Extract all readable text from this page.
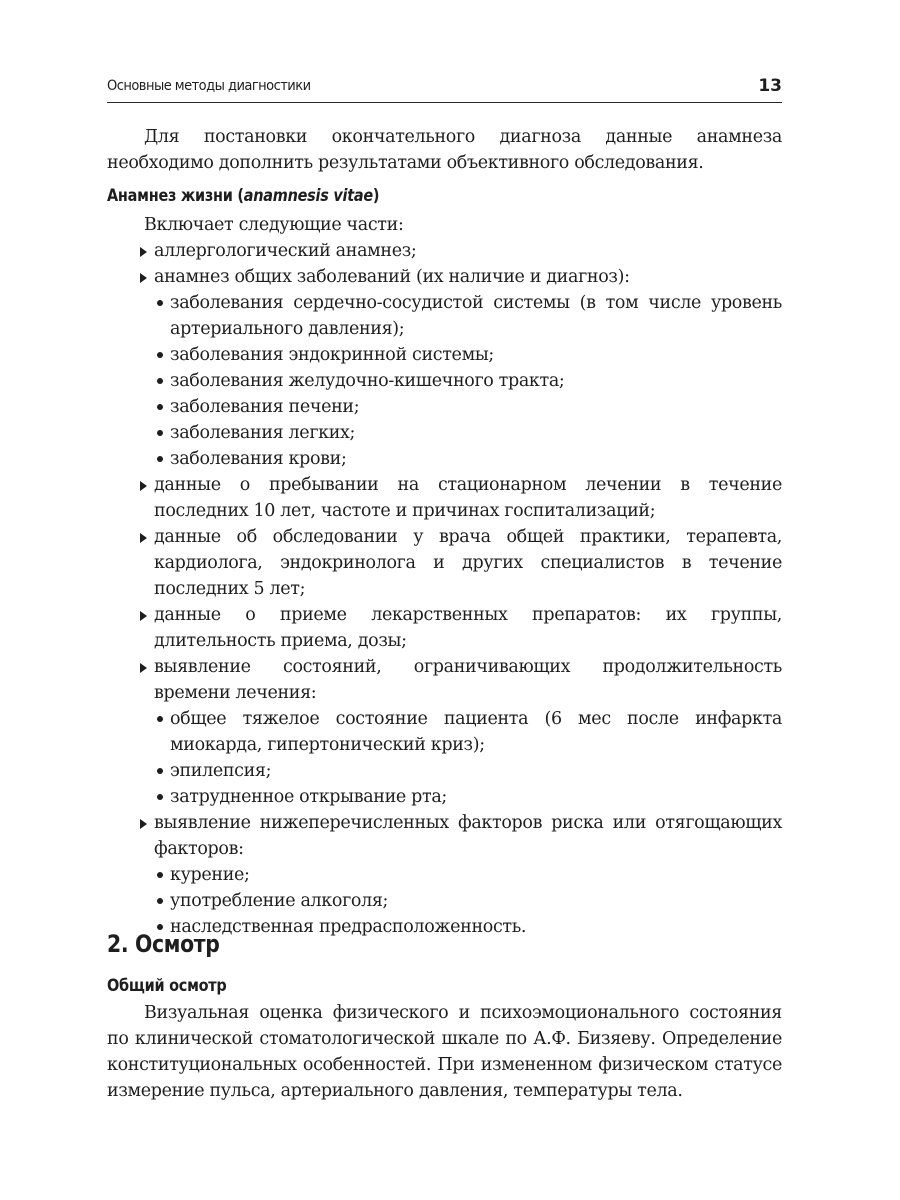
Основные методы диагностики	13

Для постановки окончательного диагноза данные анамнеза необходимо дополнить результатами объективного обследования.

Анамнез жизни (anamnesis vitae)
Включает следующие части:
аллергологический анамнез;
анамнез общих заболеваний (их наличие и диагноз):
заболевания сердечно-сосудистой системы (в том числе уровень артериального давления);
заболевания эндокринной системы;
заболевания желудочно-кишечного тракта;
заболевания печени;
заболевания легких;
заболевания крови;
данные о пребывании на стационарном лечении в течение последних 10 лет, частоте и причинах госпитализаций;
данные об обследовании у врача общей практики, терапевта, кардиолога, эндокринолога и других специалистов в течение последних 5 лет;
данные о приеме лекарственных препаратов: их группы, длительность приема, дозы;
выявление состояний, ограничивающих продолжительность времени лечения:
общее тяжелое состояние пациента (6 мес после инфаркта миокарда, гипертонический криз);
эпилепсия;
затрудненное открывание рта;
выявление нижеперечисленных факторов риска или отягощающих факторов:
курение;
употребление алкоголя;
наследственная предрасположенность.
2. Осмотр
Общий осмотр

Визуальная оценка физического и психоэмоционального состояния по клинической стоматологической шкале по А.Ф. Бизяеву. Определение конституциональных особенностей. При измененном физическом статусе измерение пульса, артериального давления, температуры тела.
